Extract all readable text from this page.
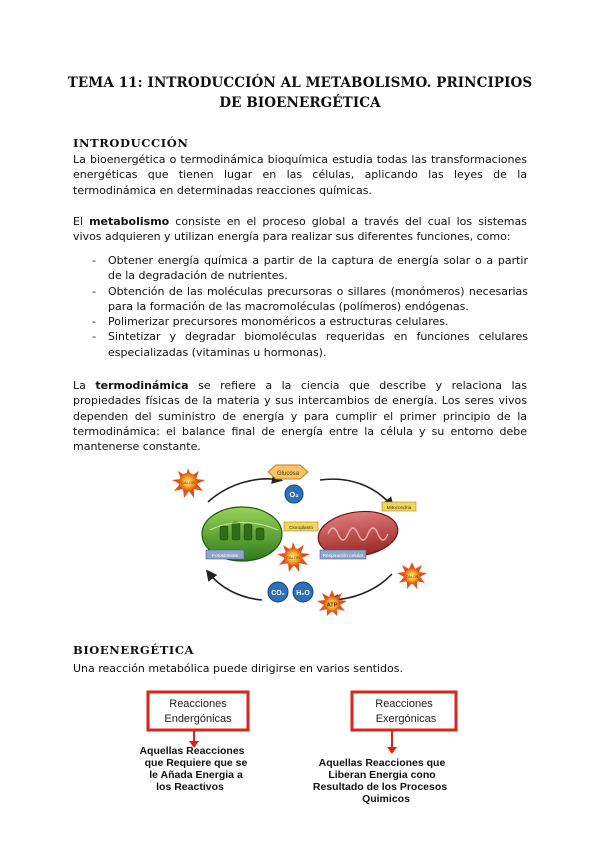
TEMA 11: INTRODUCCIÓN AL METABOLISMO. PRINCIPIOS
DE BIOENERGÉTICA
INTRODUCCIÓN
La bioenergética o termodinámica bioquímica estudia todas las transformaciones energéticas que tienen lugar en las células, aplicando las leyes de la termodinámica en determinadas reacciones químicas.
El metabolismo consiste en el proceso global a través del cual los sistemas vivos adquieren y utilizan energía para realizar sus diferentes funciones, como:
- Obtener energía química a partir de la captura de energía solar o a partir de la degradación de nutrientes.
- Obtención de las moléculas precursoras o sillares (monómeros) necesarias para la formación de las macromoléculas (polímeros) endógenas.
- Polimerizar precursores monoméricos a estructuras celulares.
- Sintetizar y degradar biomoléculas requeridas en funciones celulares especializadas (vitaminas u hormonas).
La termodinámica se refiere a la ciencia que describe y relaciona las propiedades físicas de la materia y sus intercambios de energía. Los seres vivos dependen del suministro de energía y para cumplir el primer principio de la termodinámica: el balance final de energía entre la célula y su entorno debe mantenerse constante.
CALOR
Glucosa
O₂
Cloroplasto
Fotosíntesis
Mitocondria
Respiración celular
CALOR
CALOR
CO₂ H₂O
ATP
BIOENERGÉTICA
Una reacción metabólica puede dirigirse en varios sentidos.
Reacciones
Endergónicas
Aquellas Reacciones
que Requiere que se
le Añada Energia a
los Reactivos
Reacciones
Exergónicas
Aquellas Reacciones que
Liberan Energia cono
Resultado de los Procesos
Quimicos
